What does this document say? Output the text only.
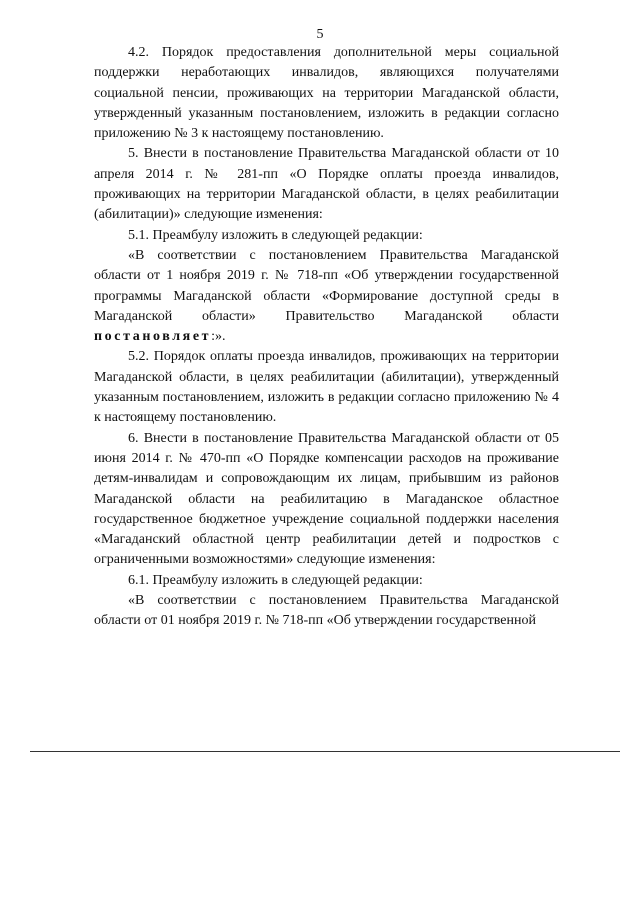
5

4.2. Порядок предоставления дополнительной меры социальной поддержки неработающих инвалидов, являющихся получателями социальной пенсии, проживающих на территории Магаданской области, утвержденный указанным постановлением, изложить в редакции согласно приложению № 3 к настоящему постановлению.

5. Внести в постановление Правительства Магаданской области от 10 апреля 2014 г. № 281-пп «О Порядке оплаты проезда инвалидов, проживающих на территории Магаданской области, в целях реабилитации (абилитации)» следующие изменения:

5.1. Преамбулу изложить в следующей редакции:

«В соответствии с постановлением Правительства Магаданской области от 1 ноября 2019 г. № 718-пп «Об утверждении государственной программы Магаданской области «Формирование доступной среды в Магаданской области» Правительство Магаданской области постановляет:».

5.2. Порядок оплаты проезда инвалидов, проживающих на территории Магаданской области, в целях реабилитации (абилитации), утвержденный указанным постановлением, изложить в редакции согласно приложению № 4 к настоящему постановлению.

6. Внести в постановление Правительства Магаданской области от 05 июня 2014 г. № 470-пп «О Порядке компенсации расходов на проживание детям-инвалидам и сопровождающим их лицам, прибывшим из районов Магаданской области на реабилитацию в Магаданское областное государственное бюджетное учреждение социальной поддержки населения «Магаданский областной центр реабилитации детей и подростков с ограниченными возможностями» следующие изменения:

6.1. Преамбулу изложить в следующей редакции:

«В соответствии с постановлением Правительства Магаданской области от 01 ноября 2019 г. № 718-пп «Об утверждении государственной
